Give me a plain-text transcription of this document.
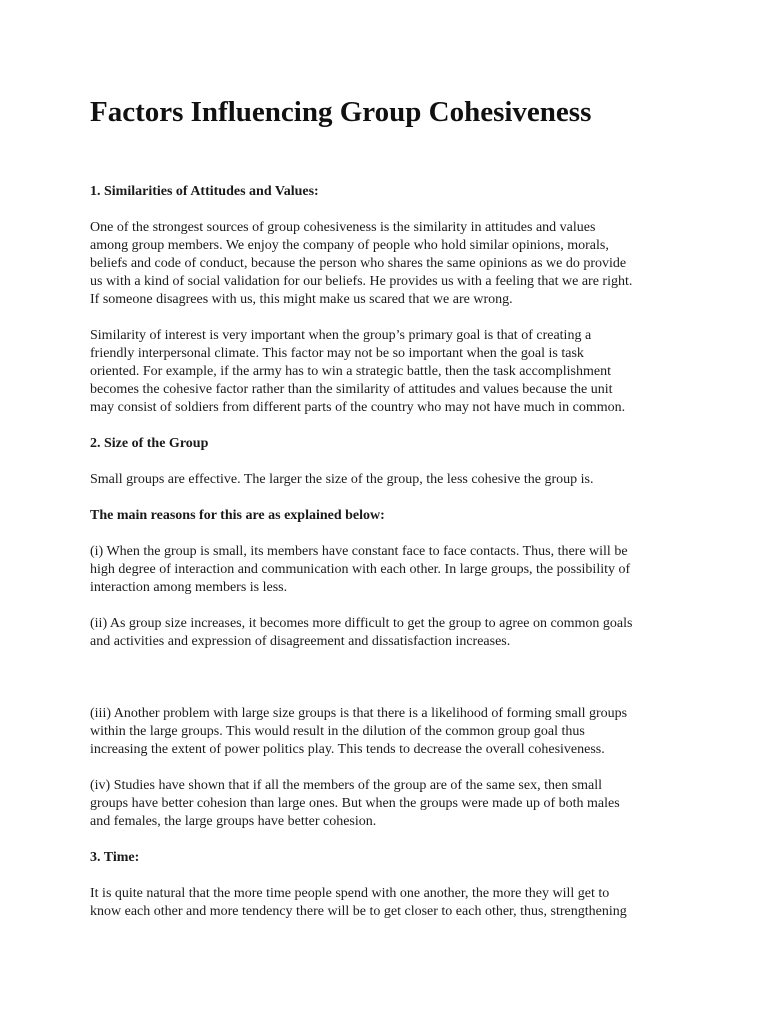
Factors Influencing Group Cohesiveness

1. Similarities of Attitudes and Values:

One of the strongest sources of group cohesiveness is the similarity in attitudes and values
among group members. We enjoy the company of people who hold similar opinions, morals,
beliefs and code of conduct, because the person who shares the same opinions as we do provide
us with a kind of social validation for our beliefs. He provides us with a feeling that we are right.
If someone disagrees with us, this might make us scared that we are wrong.

Similarity of interest is very important when the group’s primary goal is that of creating a
friendly interpersonal climate. This factor may not be so important when the goal is task
oriented. For example, if the army has to win a strategic battle, then the task accomplishment
becomes the cohesive factor rather than the similarity of attitudes and values because the unit
may consist of soldiers from different parts of the country who may not have much in common.

2. Size of the Group

Small groups are effective. The larger the size of the group, the less cohesive the group is.

The main reasons for this are as explained below:

(i) When the group is small, its members have constant face to face contacts. Thus, there will be
high degree of interaction and communication with each other. In large groups, the possibility of
interaction among members is less.

(ii) As group size increases, it becomes more difficult to get the group to agree on common goals
and activities and expression of disagreement and dissatisfaction increases.

(iii) Another problem with large size groups is that there is a likelihood of forming small groups
within the large groups. This would result in the dilution of the common group goal thus
increasing the extent of power politics play. This tends to decrease the overall cohesiveness.

(iv) Studies have shown that if all the members of the group are of the same sex, then small
groups have better cohesion than large ones. But when the groups were made up of both males
and females, the large groups have better cohesion.

3. Time:

It is quite natural that the more time people spend with one another, the more they will get to
know each other and more tendency there will be to get closer to each other, thus, strengthening
